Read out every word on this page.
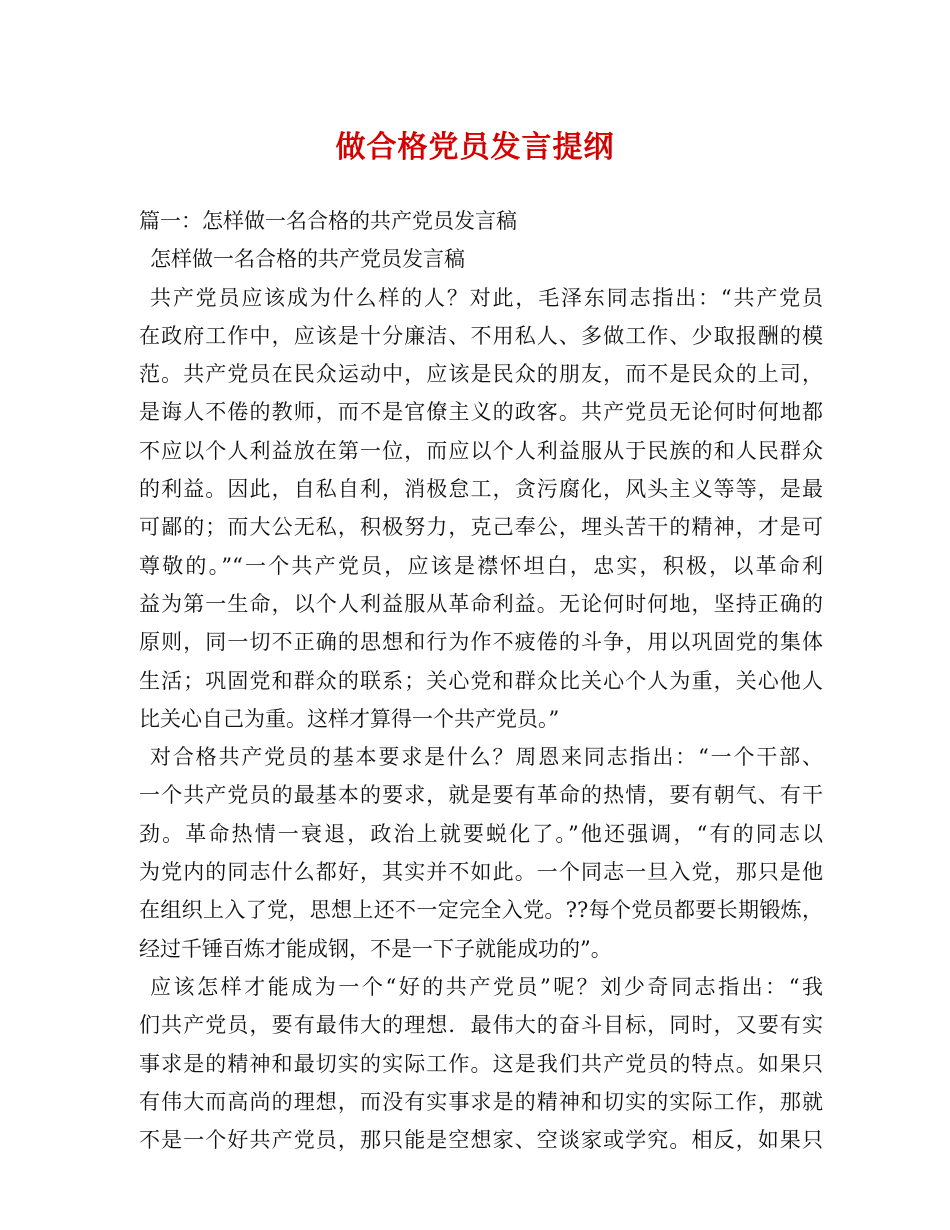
做合格党员发言提纲
篇一：怎样做一名合格的共产党员发言稿
怎样做一名合格的共产党员发言稿
共产党员应该成为什么样的人？对此，毛泽东同志指出：“共产党员
在政府工作中，应该是十分廉洁、不用私人、多做工作、少取报酬的模
范。共产党员在民众运动中，应该是民众的朋友，而不是民众的上司，
是诲人不倦的教师，而不是官僚主义的政客。共产党员无论何时何地都
不应以个人利益放在第一位，而应以个人利益服从于民族的和人民群众
的利益。因此，自私自利，消极怠工，贪污腐化，风头主义等等，是最
可鄙的；而大公无私，积极努力，克己奉公，埋头苦干的精神，才是可
尊敬的。”“一个共产党员，应该是襟怀坦白，忠实，积极，以革命利
益为第一生命，以个人利益服从革命利益。无论何时何地，坚持正确的
原则，同一切不正确的思想和行为作不疲倦的斗争，用以巩固党的集体
生活；巩固党和群众的联系；关心党和群众比关心个人为重，关心他人
比关心自己为重。这样才算得一个共产党员。”
对合格共产党员的基本要求是什么？周恩来同志指出：“一个干部、
一个共产党员的最基本的要求，就是要有革命的热情，要有朝气、有干
劲。革命热情一衰退，政治上就要蜕化了。”他还强调，“有的同志以
为党内的同志什么都好，其实并不如此。一个同志一旦入党，那只是他
在组织上入了党，思想上还不一定完全入党。??每个党员都要长期锻炼，
经过千锤百炼才能成钢，不是一下子就能成功的”。
应该怎样才能成为一个“好的共产党员”呢？刘少奇同志指出：“我
们共产党员，要有最伟大的理想．最伟大的奋斗目标，同时，又要有实
事求是的精神和最切实的实际工作。这是我们共产党员的特点。如果只
有伟大而高尚的理想，而没有实事求是的精神和切实的实际工作，那就
不是一个好共产党员，那只能是空想家、空谈家或学究。相反，如果只
